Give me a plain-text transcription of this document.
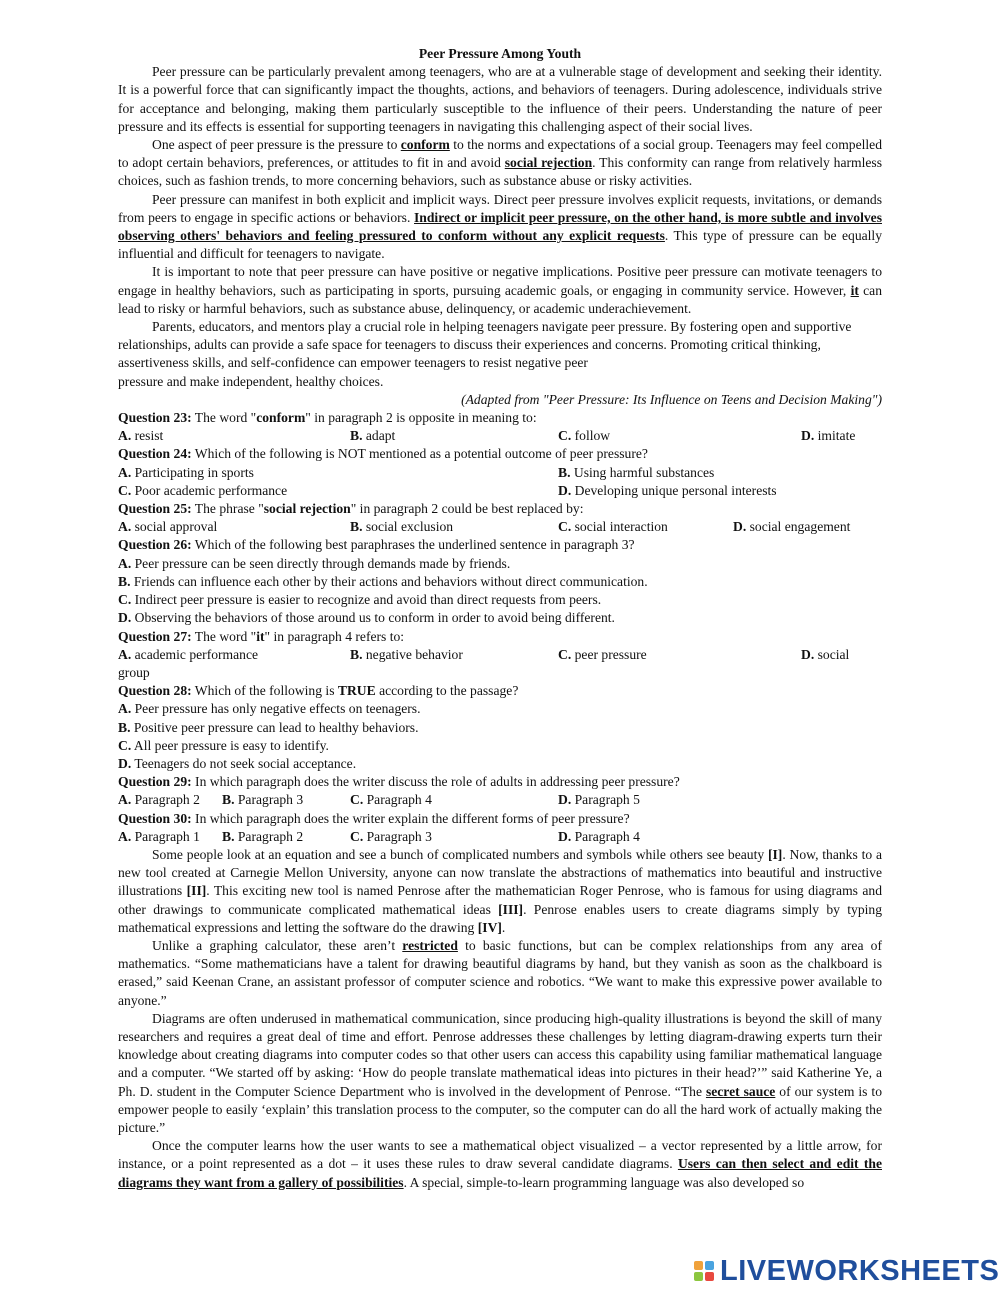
Peer Pressure Among Youth

Peer pressure can be particularly prevalent among teenagers, who are at a vulnerable stage of development and seeking their identity. It is a powerful force that can significantly impact the thoughts, actions, and behaviors of teenagers. During adolescence, individuals strive for acceptance and belonging, making them particularly susceptible to the influence of their peers. Understanding the nature of peer pressure and its effects is essential for supporting teenagers in navigating this challenging aspect of their social lives.

One aspect of peer pressure is the pressure to conform to the norms and expectations of a social group. Teenagers may feel compelled to adopt certain behaviors, preferences, or attitudes to fit in and avoid social rejection. This conformity can range from relatively harmless choices, such as fashion trends, to more concerning behaviors, such as substance abuse or risky activities.

Peer pressure can manifest in both explicit and implicit ways. Direct peer pressure involves explicit requests, invitations, or demands from peers to engage in specific actions or behaviors. Indirect or implicit peer pressure, on the other hand, is more subtle and involves observing others' behaviors and feeling pressured to conform without any explicit requests. This type of pressure can be equally influential and difficult for teenagers to navigate.

It is important to note that peer pressure can have positive or negative implications. Positive peer pressure can motivate teenagers to engage in healthy behaviors, such as participating in sports, pursuing academic goals, or engaging in community service. However, it can lead to risky or harmful behaviors, such as substance abuse, delinquency, or academic underachievement.

Parents, educators, and mentors play a crucial role in helping teenagers navigate peer pressure. By fostering open and supportive relationships, adults can provide a safe space for teenagers to discuss their experiences and concerns. Promoting critical thinking, assertiveness skills, and self-confidence can empower teenagers to resist negative peer

pressure and make independent, healthy choices.

(Adapted from "Peer Pressure: Its Influence on Teens and Decision Making")
Question 23: The word "conform" in paragraph 2 is opposite in meaning to:
A. resist	B. adapt	C. follow	D. imitate
Question 24: Which of the following is NOT mentioned as a potential outcome of peer pressure?
A. Participating in sports	B. Using harmful substances
C. Poor academic performance	D. Developing unique personal interests
Question 25: The phrase "social rejection" in paragraph 2 could be best replaced by:
A. social approval	B. social exclusion	C. social interaction	D. social engagement
Question 26: Which of the following best paraphrases the underlined sentence in paragraph 3?
A. Peer pressure can be seen directly through demands made by friends.
B. Friends can influence each other by their actions and behaviors without direct communication.
C. Indirect peer pressure is easier to recognize and avoid than direct requests from peers.
D. Observing the behaviors of those around us to conform in order to avoid being different.
Question 27: The word "it" in paragraph 4 refers to:
A. academic performance	B. negative behavior	C. peer pressure	D. social
group
Question 28: Which of the following is TRUE according to the passage?
A. Peer pressure has only negative effects on teenagers.
B. Positive peer pressure can lead to healthy behaviors.
C. All peer pressure is easy to identify.
D. Teenagers do not seek social acceptance.
Question 29: In which paragraph does the writer discuss the role of adults in addressing peer pressure?
A. Paragraph 2	B. Paragraph 3	C. Paragraph 4	D. Paragraph 5
Question 30: In which paragraph does the writer explain the different forms of peer pressure?
A. Paragraph 1	B. Paragraph 2	C. Paragraph 3	D. Paragraph 4

Some people look at an equation and see a bunch of complicated numbers and symbols while others see beauty [I]. Now, thanks to a new tool created at Carnegie Mellon University, anyone can now translate the abstractions of mathematics into beautiful and instructive illustrations [II]. This exciting new tool is named Penrose after the mathematician Roger Penrose, who is famous for using diagrams and other drawings to communicate complicated mathematical ideas [III]. Penrose enables users to create diagrams simply by typing mathematical expressions and letting the software do the drawing [IV].

Unlike a graphing calculator, these aren’t restricted to basic functions, but can be complex relationships from any area of mathematics. “Some mathematicians have a talent for drawing beautiful diagrams by hand, but they vanish as soon as the chalkboard is erased,” said Keenan Crane, an assistant professor of computer science and robotics. “We want to make this expressive power available to anyone.”

Diagrams are often underused in mathematical communication, since producing high-quality illustrations is beyond the skill of many researchers and requires a great deal of time and effort. Penrose addresses these challenges by letting diagram-drawing experts turn their knowledge about creating diagrams into computer codes so that other users can access this capability using familiar mathematical language and a computer. “We started off by asking: ‘How do people translate mathematical ideas into pictures in their head?’” said Katherine Ye, a Ph. D. student in the Computer Science Department who is involved in the development of Penrose. “The secret sauce of our system is to empower people to easily ‘explain’ this translation process to the computer, so the computer can do all the hard work of actually making the picture.”

Once the computer learns how the user wants to see a mathematical object visualized – a vector represented by a little arrow, for instance, or a point represented as a dot – it uses these rules to draw several candidate diagrams. Users can then select and edit the diagrams they want from a gallery of possibilities. A special, simple-to-learn programming language was also developed so

LIVEWORKSHEETS
